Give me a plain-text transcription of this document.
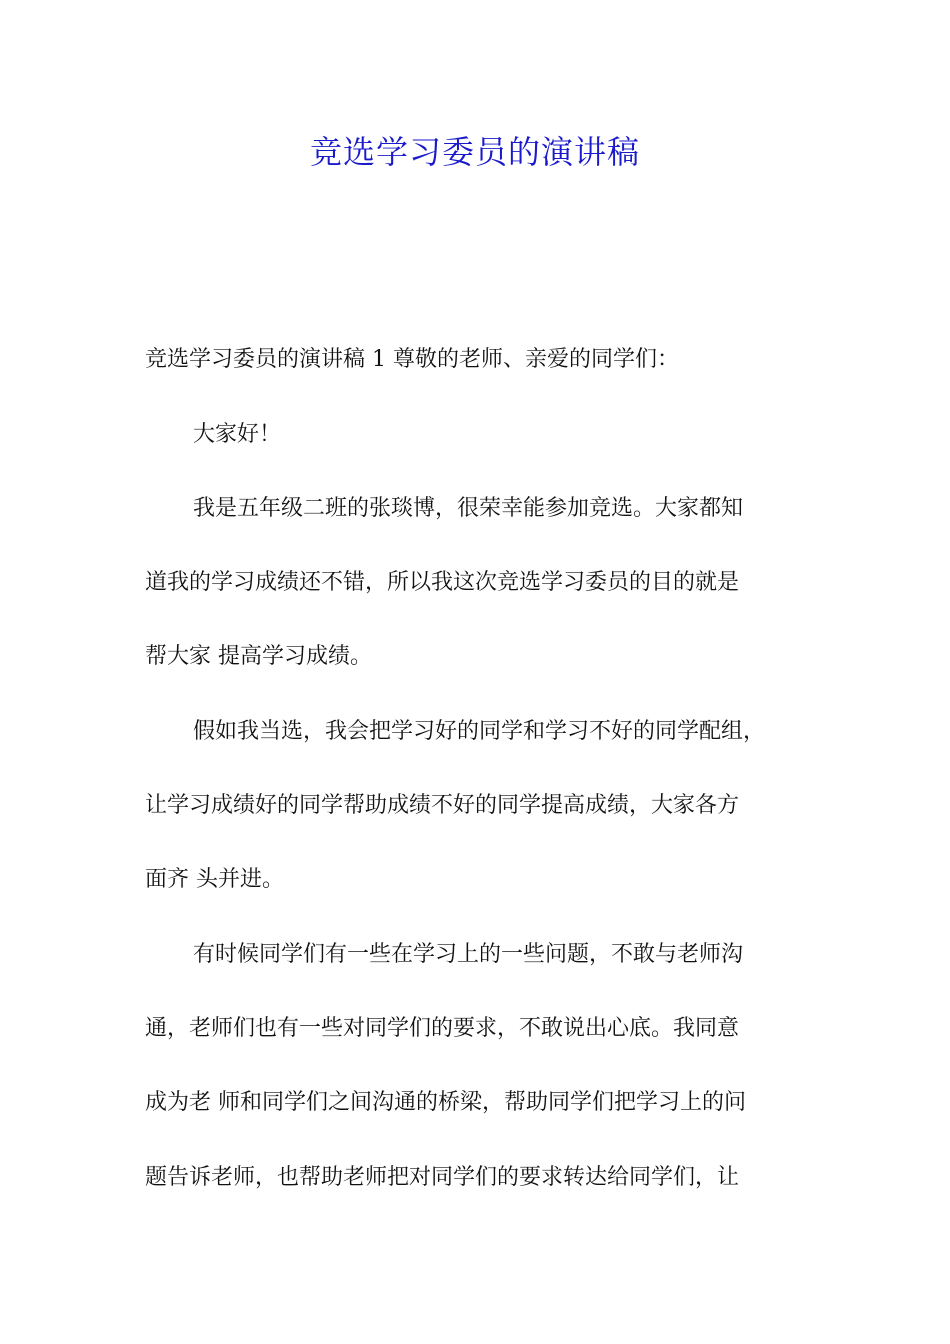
竞选学习委员的演讲稿

竞选学习委员的演讲稿 1 尊敬的老师、亲爱的同学们：

大家好！

我是五年级二班的张琰博，很荣幸能参加竞选。大家都知

道我的学习成绩还不错，所以我这次竞选学习委员的目的就是

帮大家 提高学习成绩。

假如我当选，我会把学习好的同学和学习不好的同学配组，

让学习成绩好的同学帮助成绩不好的同学提高成绩，大家各方

面齐 头并进。

有时候同学们有一些在学习上的一些问题，不敢与老师沟

通，老师们也有一些对同学们的要求，不敢说出心底。我同意

成为老 师和同学们之间沟通的桥梁，帮助同学们把学习上的问

题告诉老师，也帮助老师把对同学们的要求转达给同学们，让
